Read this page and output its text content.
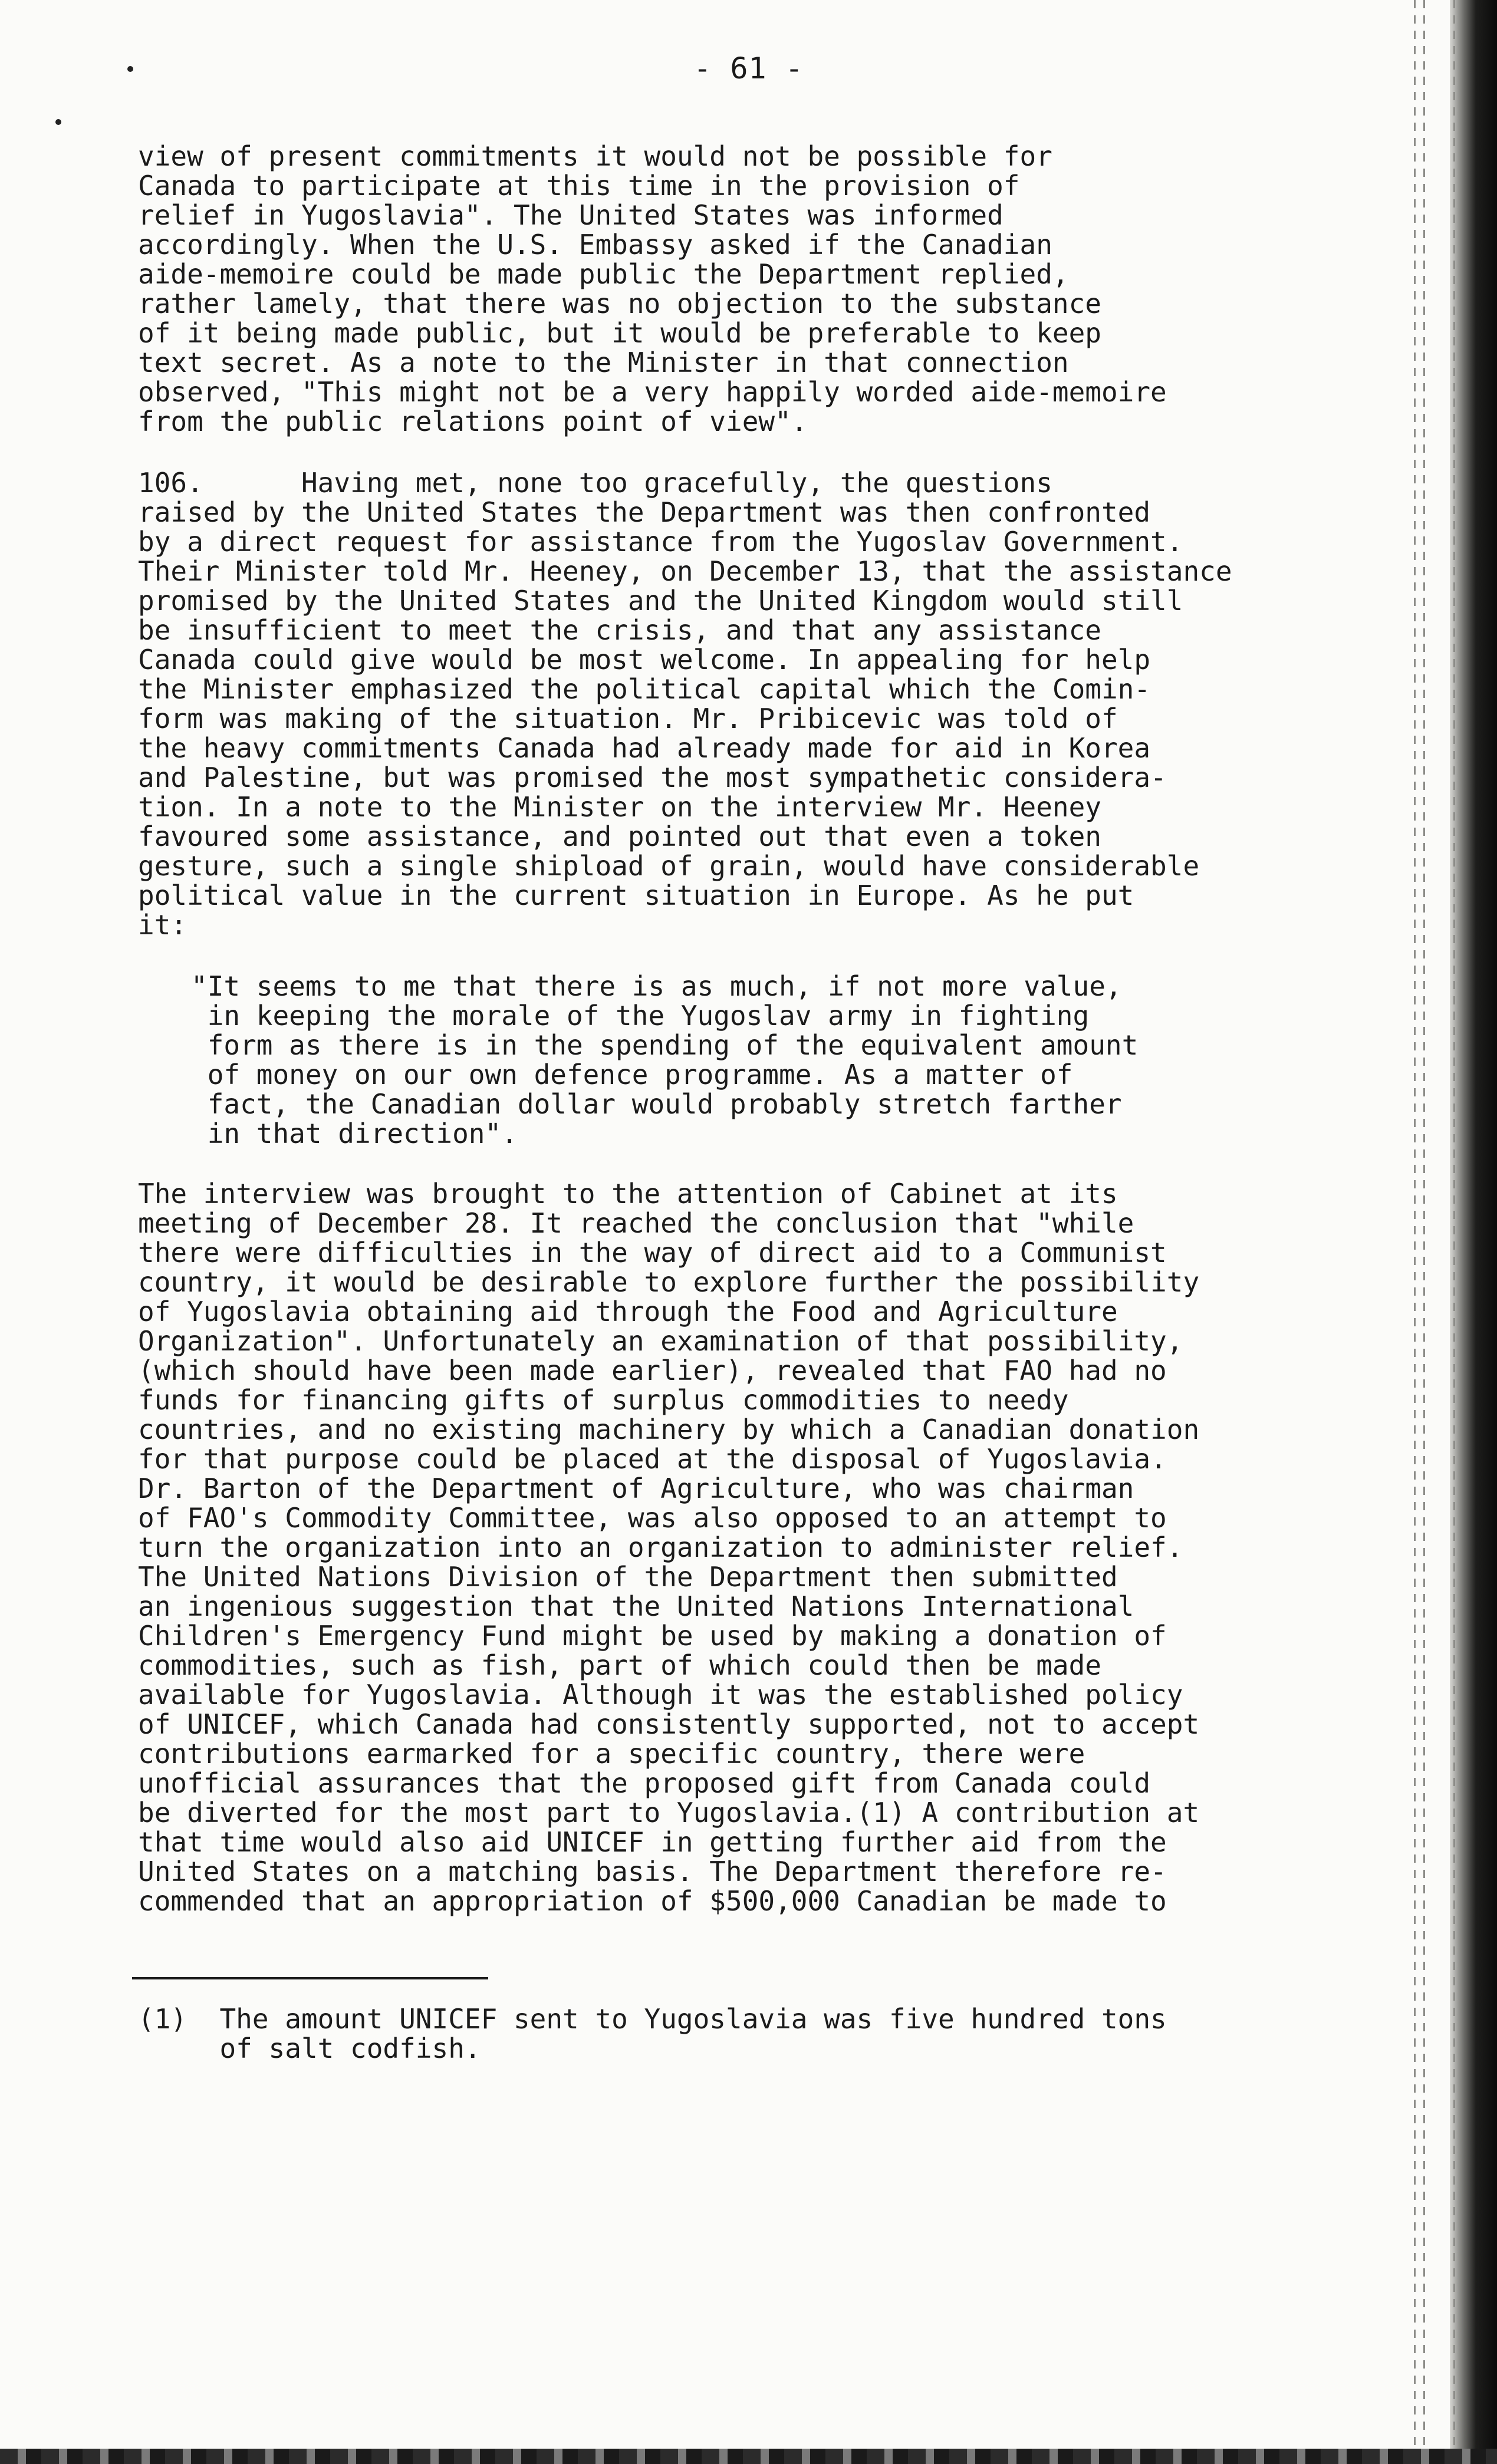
- 61 -
view of present commitments it would not be possible for
Canada to participate at this time in the provision of
relief in Yugoslavia". The United States was informed
accordingly. When the U.S. Embassy asked if the Canadian
aide-memoire could be made public the Department replied,
rather lamely, that there was no objection to the substance
of it being made public, but it would be preferable to keep
text secret. As a note to the Minister in that connection
observed, "This might not be a very happily worded aide-memoire
from the public relations point of view".
106.      Having met, none too gracefully, the questions
raised by the United States the Department was then confronted
by a direct request for assistance from the Yugoslav Government.
Their Minister told Mr. Heeney, on December 13, that the assistance
promised by the United States and the United Kingdom would still
be insufficient to meet the crisis, and that any assistance
Canada could give would be most welcome. In appealing for help
the Minister emphasized the political capital which the Comin-
form was making of the situation. Mr. Pribicevic was told of
the heavy commitments Canada had already made for aid in Korea
and Palestine, but was promised the most sympathetic considera-
tion. In a note to the Minister on the interview Mr. Heeney
favoured some assistance, and pointed out that even a token
gesture, such a single shipload of grain, would have considerable
political value in the current situation in Europe. As he put
it:
"It seems to me that there is as much, if not more value,
in keeping the morale of the Yugoslav army in fighting
form as there is in the spending of the equivalent amount
of money on our own defence programme. As a matter of
fact, the Canadian dollar would probably stretch farther
in that direction".
The interview was brought to the attention of Cabinet at its
meeting of December 28. It reached the conclusion that "while
there were difficulties in the way of direct aid to a Communist
country, it would be desirable to explore further the possibility
of Yugoslavia obtaining aid through the Food and Agriculture
Organization". Unfortunately an examination of that possibility,
(which should have been made earlier), revealed that FAO had no
funds for financing gifts of surplus commodities to needy
countries, and no existing machinery by which a Canadian donation
for that purpose could be placed at the disposal of Yugoslavia.
Dr. Barton of the Department of Agriculture, who was chairman
of FAO's Commodity Committee, was also opposed to an attempt to
turn the organization into an organization to administer relief.
The United Nations Division of the Department then submitted
an ingenious suggestion that the United Nations International
Children's Emergency Fund might be used by making a donation of
commodities, such as fish, part of which could then be made
available for Yugoslavia. Although it was the established policy
of UNICEF, which Canada had consistently supported, not to accept
contributions earmarked for a specific country, there were
unofficial assurances that the proposed gift from Canada could
be diverted for the most part to Yugoslavia.(1) A contribution at
that time would also aid UNICEF in getting further aid from the
United States on a matching basis. The Department therefore re-
commended that an appropriation of $500,000 Canadian be made to
(1)  The amount UNICEF sent to Yugoslavia was five hundred tons
of salt codfish.
